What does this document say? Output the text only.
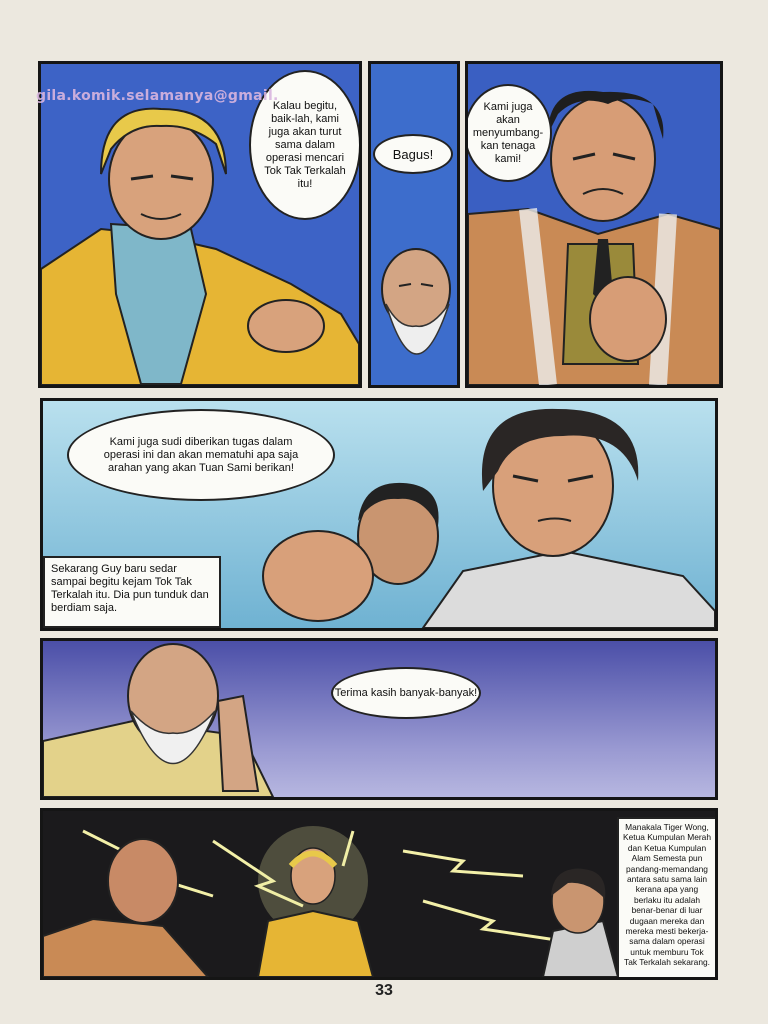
Kalau begitu, baik-lah, kami juga akan turut sama dalam operasi mencari Tok Tak Terkalah itu!
gila.komik.selamanya@gmail.
Bagus!
Kami juga akan menyumbang-kan tenaga kami!
Kami juga sudi diberikan tugas dalam operasi ini dan akan mematuhi apa saja arahan yang akan Tuan Sami berikan!
Sekarang Guy baru sedar sampai begitu kejam Tok Tak Terkalah itu. Dia pun tunduk dan berdiam saja.
Terima kasih banyak-banyak!
Manakala Tiger Wong, Ketua Kumpulan Merah dan Ketua Kumpulan Alam Semesta pun pandang-memandang antara satu sama lain kerana apa yang berlaku itu adalah benar-benar di luar dugaan mereka dan mereka mesti bekerja-sama dalam operasi untuk memburu Tok Tak Terkalah sekarang.
33
